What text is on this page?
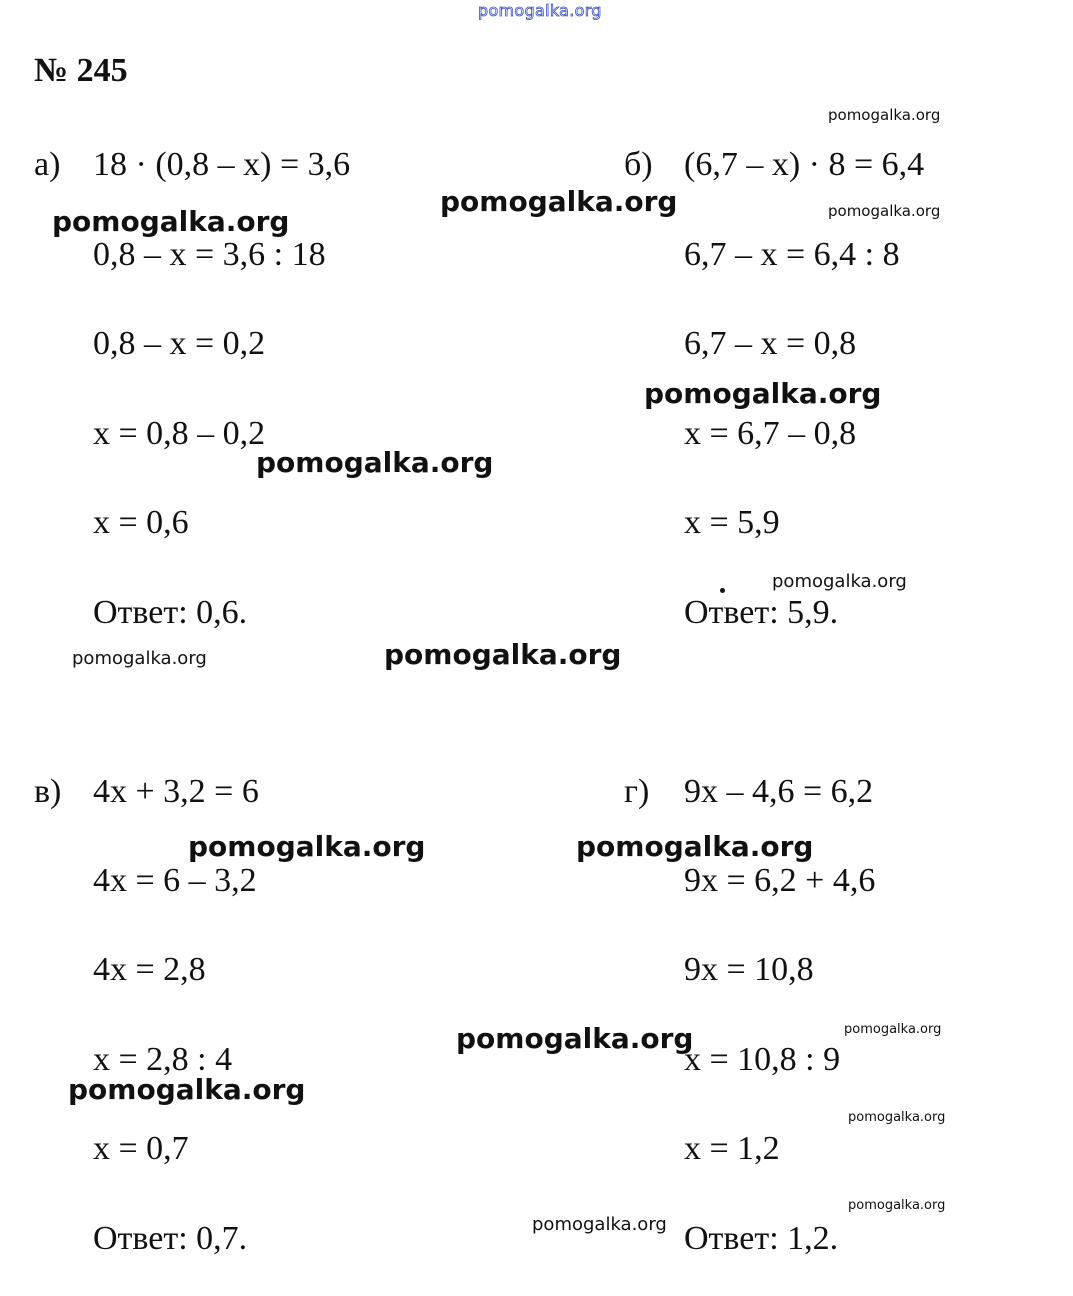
pomogalka.org
№ 245
а) 18 · (0,8 – x) = 3,6
0,8 – x = 3,6 : 18
0,8 – x = 0,2
x = 0,8 – 0,2
x = 0,6
Ответ: 0,6.
б) (6,7 – x) · 8 = 6,4
6,7 – x = 6,4 : 8
6,7 – x = 0,8
x = 6,7 – 0,8
x = 5,9
Ответ: 5,9.
в) 4x + 3,2 = 6
4x = 6 – 3,2
4x = 2,8
x = 2,8 : 4
x = 0,7
Ответ: 0,7.
г) 9x – 4,6 = 6,2
9x = 6,2 + 4,6
9x = 10,8
x = 10,8 : 9
x = 1,2
Ответ: 1,2.
pomogalka.org
pomogalka.org
pomogalka.org	pomogalka.org
pomogalka.org
pomogalka.org
pomogalka.org
pomogalka.org	pomogalka.org
pomogalka.org	pomogalka.org
pomogalka.org
pomogalka.org
pomogalka.org
pomogalka.org
pomogalka.org
pomogalka.org
